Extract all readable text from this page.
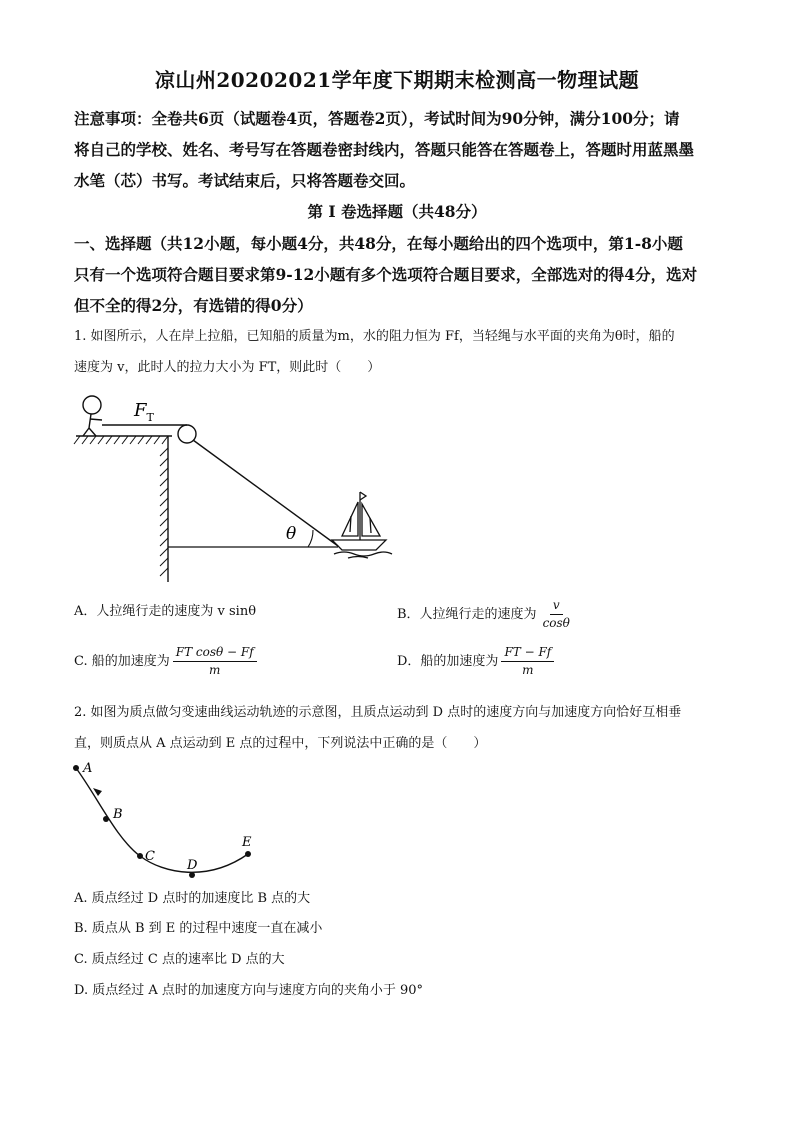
凉山州20202021学年度下期期末检测高一物理试题
注意事项：全卷共6页（试题卷4页，答题卷2页），考试时间为90分钟，满分100分；请
将自己的学校、姓名、考号写在答题卷密封线内，答题只能答在答题卷上，答题时用蓝黑墨
水笔（芯）书写。考试结束后，只将答题卷交回。
第 I 卷选择题（共48分）
一、选择题（共12小题，每小题4分，共48分，在每小题给出的四个选项中，第1-8小题
只有一个选项符合题目要求第9-12小题有多个选项符合题目要求，全部选对的得4分，选对
但不全的得2分，有选错的得0分）
1. 如图所示，人在岸上拉船，已知船的质量为m，水的阻力恒为 Ff，当轻绳与水平面的夹角为θ时，船的
速度为 v，此时人的拉力大小为 FT，则此时（　　）
θ
$F_T$
A．人拉绳行走的速度为 v sinθ	B．人拉绳行走的速度为 $\frac{v}{\cos\theta}$
C. 船的加速度为 $\frac{\text{FT cosθ − Ff}}{m}$	D．船的加速度为 $\frac{FT - Ff}{m}$
2. 如图为质点做匀变速曲线运动轨迹的示意图，且质点运动到 D 点时的速度方向与加速度方向恰好互相垂
直，则质点从 A 点运动到 E 点的过程中，下列说法中正确的是（　　）
A
B
C
D
E
A. 质点经过 D 点时的加速度比 B 点的大
B. 质点从 B 到 E 的过程中速度一直在减小
C. 质点经过 C 点的速率比 D 点的大
D. 质点经过 A 点时的加速度方向与速度方向的夹角小于 90°
